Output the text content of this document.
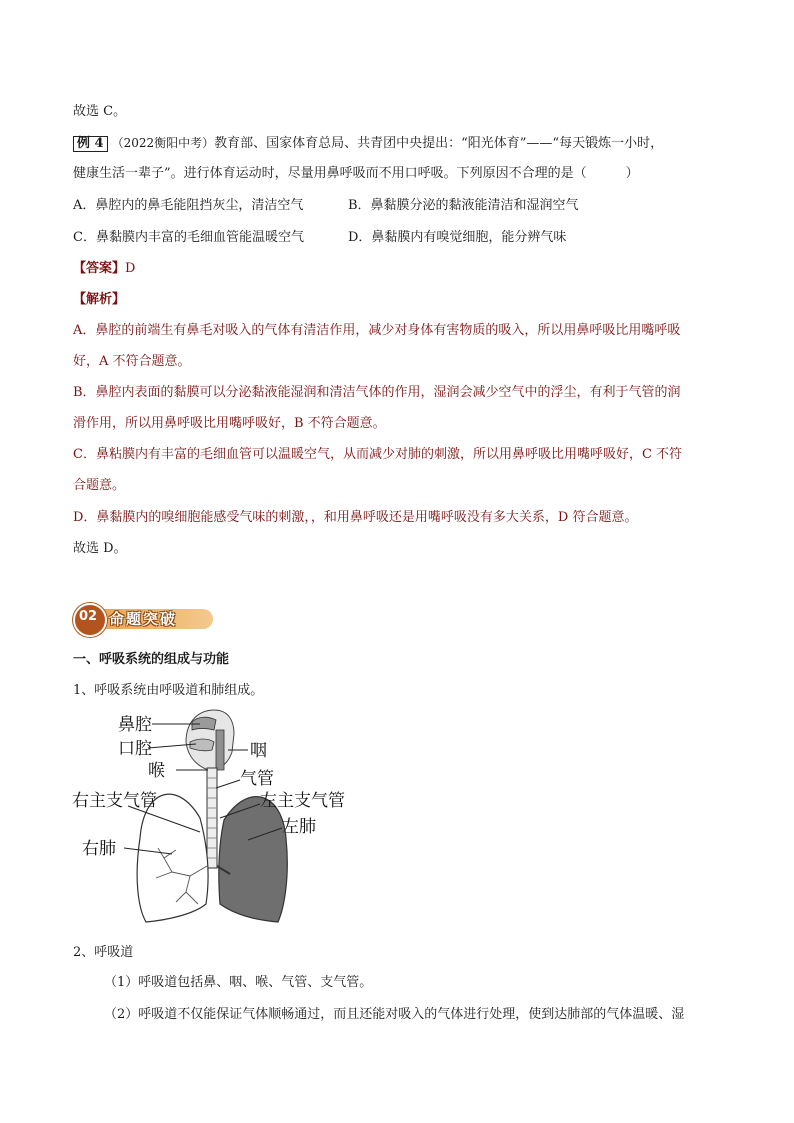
故选 C。
例 4 （2022衡阳中考）教育部、国家体育总局、共青团中央提出：“阳光体育”——“每天锻炼一小时，
健康生活一辈子”。进行体育运动时，尽量用鼻呼吸而不用口呼吸。下列原因不合理的是（　　　）
A．鼻腔内的鼻毛能阻挡灰尘，清洁空气	B．鼻黏膜分泌的黏液能清洁和湿润空气
C．鼻黏膜内丰富的毛细血管能温暖空气	D．鼻黏膜内有嗅觉细胞，能分辨气味
【答案】D
【解析】
A．鼻腔的前端生有鼻毛对吸入的气体有清洁作用，减少对身体有害物质的吸入，所以用鼻呼吸比用嘴呼吸
好，A 不符合题意。
B．鼻腔内表面的黏膜可以分泌黏液能湿润和清洁气体的作用，湿润会减少空气中的浮尘，有利于气管的润
滑作用，所以用鼻呼吸比用嘴呼吸好，B 不符合题意。
C．鼻粘膜内有丰富的毛细血管可以温暖空气，从而减少对肺的刺激，所以用鼻呼吸比用嘴呼吸好，C 不符
合题意。
D．鼻黏膜内的嗅细胞能感受气味的刺激，，和用鼻呼吸还是用嘴呼吸没有多大关系，D 符合题意。
故选 D。
命题突破
02
一、呼吸系统的组成与功能
1、呼吸系统由呼吸道和肺组成。
鼻腔
口腔	咽
喉	气管
右主支气管	左主支气管
左肺
右肺
2、呼吸道
（1）呼吸道包括鼻、咽、喉、气管、支气管。
（2）呼吸道不仅能保证气体顺畅通过，而且还能对吸入的气体进行处理，使到达肺部的气体温暖、湿
